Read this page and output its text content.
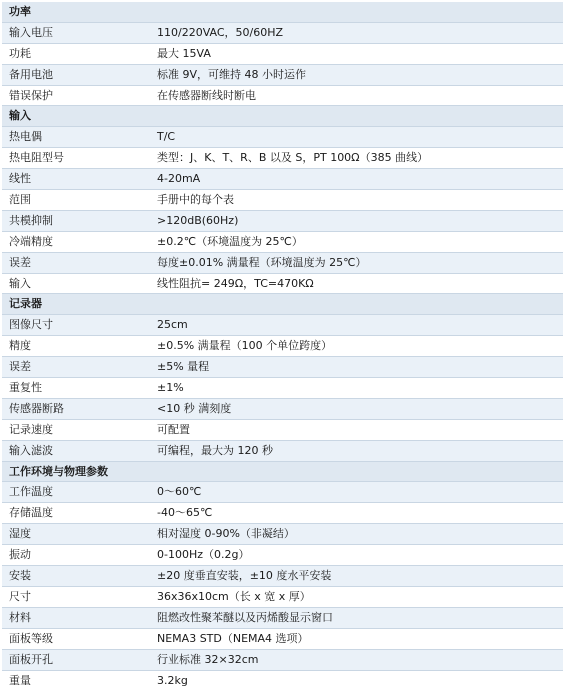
功率
输入电压	110/220VAC，50/60HZ
功耗	最大 15VA
备用电池	标准 9V，可维持 48 小时运作
错误保护	在传感器断线时断电
输入
热电偶	T/C
热电阻型号	类型：J、K、T、R、B 以及 S，PT 100Ω（385 曲线）
线性	4-20mA
范围	手册中的每个表
共模抑制	>120dB(60Hz)
冷端精度	±0.2℃（环境温度为 25℃）
误差	每度±0.01% 满量程（环境温度为 25℃）
输入	线性阻抗= 249Ω，TC=470KΩ
记录器
图像尺寸	25cm
精度	±0.5% 满量程（100 个单位跨度）
误差	±5% 量程
重复性	±1%
传感器断路	<10 秒 满刻度
记录速度	可配置
输入滤波	可编程，最大为 120 秒
工作环境与物理参数
工作温度	0～60℃
存储温度	-40～65℃
湿度	相对湿度 0-90%（非凝结）
振动	0-100Hz（0.2g）
安装	±20 度垂直安装，±10 度水平安装
尺寸	36x36x10cm（长 x 宽 x 厚）
材料	阻燃改性聚苯醚以及丙烯酸显示窗口
面板等级	NEMA3 STD（NEMA4 选项）
面板开孔	行业标准 32×32cm
重量	3.2kg
